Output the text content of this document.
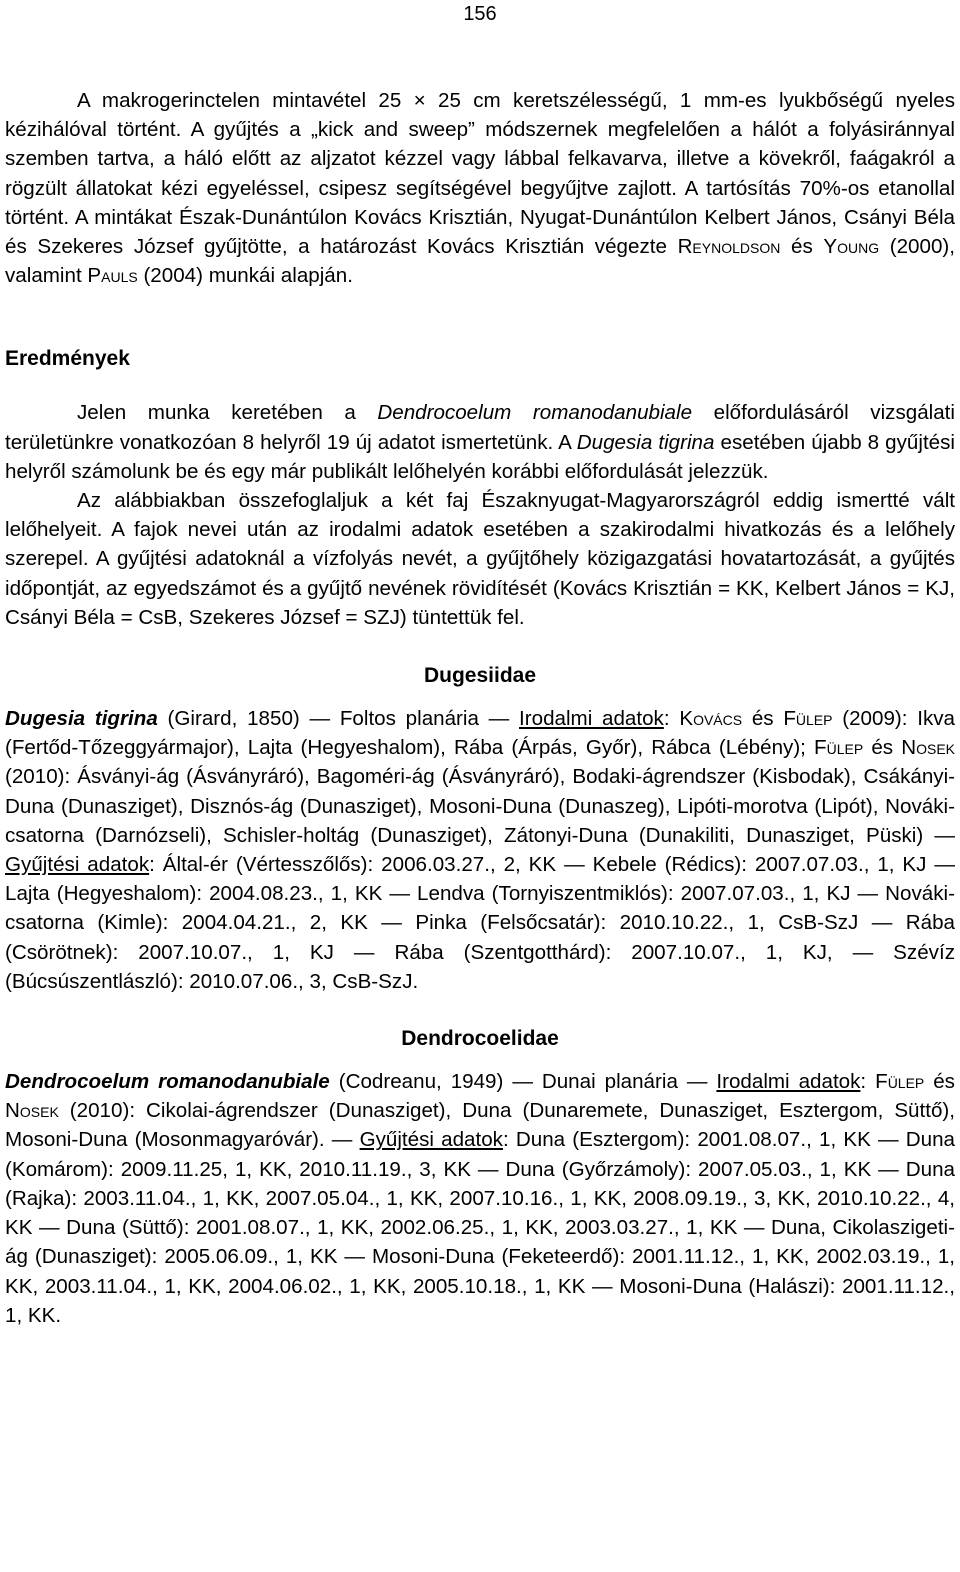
156

A makrogerinctelen mintavétel 25 × 25 cm keretszélességű, 1 mm-es lyukbőségű nyeles kézihálóval történt. A gyűjtés a „kick and sweep” módszernek megfelelően a hálót a folyásiránnyal szemben tartva, a háló előtt az aljzatot kézzel vagy lábbal felkavarva, illetve a kövekről, faágakról a rögzült állatokat kézi egyeléssel, csipesz segítségével begyűjtve zajlott. A tartósítás 70%-os etanollal történt. A mintákat Észak-Dunántúlon Kovács Krisztián, Nyugat-Dunántúlon Kelbert János, Csányi Béla és Szekeres József gyűjtötte, a határozást Kovács Krisztián végezte Reynoldson és Young (2000), valamint Pauls (2004) munkái alapján.

Eredmények

Jelen munka keretében a Dendrocoelum romanodanubiale előfordulásáról vizsgálati területünkre vonatkozóan 8 helyről 19 új adatot ismertetünk. A Dugesia tigrina esetében újabb 8 gyűjtési helyről számolunk be és egy már publikált lelőhelyén korábbi előfordulását jelezzük.

Az alábbiakban összefoglaljuk a két faj Északnyugat-Magyarországról eddig ismertté vált lelőhelyeit. A fajok nevei után az irodalmi adatok esetében a szakirodalmi hivatkozás és a lelőhely szerepel. A gyűjtési adatoknál a vízfolyás nevét, a gyűjtőhely közigazgatási hovatartozását, a gyűjtés időpontját, az egyedszámot és a gyűjtő nevének rövidítését (Kovács Krisztián = KK, Kelbert János = KJ, Csányi Béla = CsB, Szekeres József = SZJ) tüntettük fel.

Dugesiidae

Dugesia tigrina (Girard, 1850) — Foltos planária — Irodalmi adatok: Kovács és Fülep (2009): Ikva (Fertőd-Tőzeggyármajor), Lajta (Hegyeshalom), Rába (Árpás, Győr), Rábca (Lébény); Fülep és Nosek (2010): Ásványi-ág (Ásványráró), Bagoméri-ág (Ásványráró), Bodaki-ágrendszer (Kisbodak), Csákányi-Duna (Dunasziget), Disznós-ág (Dunasziget), Mosoni-Duna (Dunaszeg), Lipóti-morotva (Lipót), Nováki-csatorna (Darnózseli), Schisler-holtág (Dunasziget), Zátonyi-Duna (Dunakiliti, Dunasziget, Püski) — Gyűjtési adatok: Által-ér (Vértesszőlős): 2006.03.27., 2, KK — Kebele (Rédics): 2007.07.03., 1, KJ — Lajta (Hegyeshalom): 2004.08.23., 1, KK — Lendva (Tornyiszentmiklós): 2007.07.03., 1, KJ — Nováki-csatorna (Kimle): 2004.04.21., 2, KK — Pinka (Felsőcsatár): 2010.10.22., 1, CsB-SzJ — Rába (Csörötnek): 2007.10.07., 1, KJ — Rába (Szentgotthárd): 2007.10.07., 1, KJ, — Szévíz (Búcsúszentlászló): 2010.07.06., 3, CsB-SzJ.

Dendrocoelidae

Dendrocoelum romanodanubiale (Codreanu, 1949) — Dunai planária — Irodalmi adatok: Fülep és Nosek (2010): Cikolai-ágrendszer (Dunasziget), Duna (Dunaremete, Dunasziget, Esztergom, Süttő), Mosoni-Duna (Mosonmagyaróvár). — Gyűjtési adatok: Duna (Esztergom): 2001.08.07., 1, KK — Duna (Komárom): 2009.11.25, 1, KK, 2010.11.19., 3, KK — Duna (Győrzámoly): 2007.05.03., 1, KK — Duna (Rajka): 2003.11.04., 1, KK, 2007.05.04., 1, KK, 2007.10.16., 1, KK, 2008.09.19., 3, KK, 2010.10.22., 4, KK — Duna (Süttő): 2001.08.07., 1, KK, 2002.06.25., 1, KK, 2003.03.27., 1, KK — Duna, Cikolaszigeti-ág (Dunasziget): 2005.06.09., 1, KK — Mosoni-Duna (Feketeerdő): 2001.11.12., 1, KK, 2002.03.19., 1, KK, 2003.11.04., 1, KK, 2004.06.02., 1, KK, 2005.10.18., 1, KK — Mosoni-Duna (Halászi): 2001.11.12., 1, KK.
